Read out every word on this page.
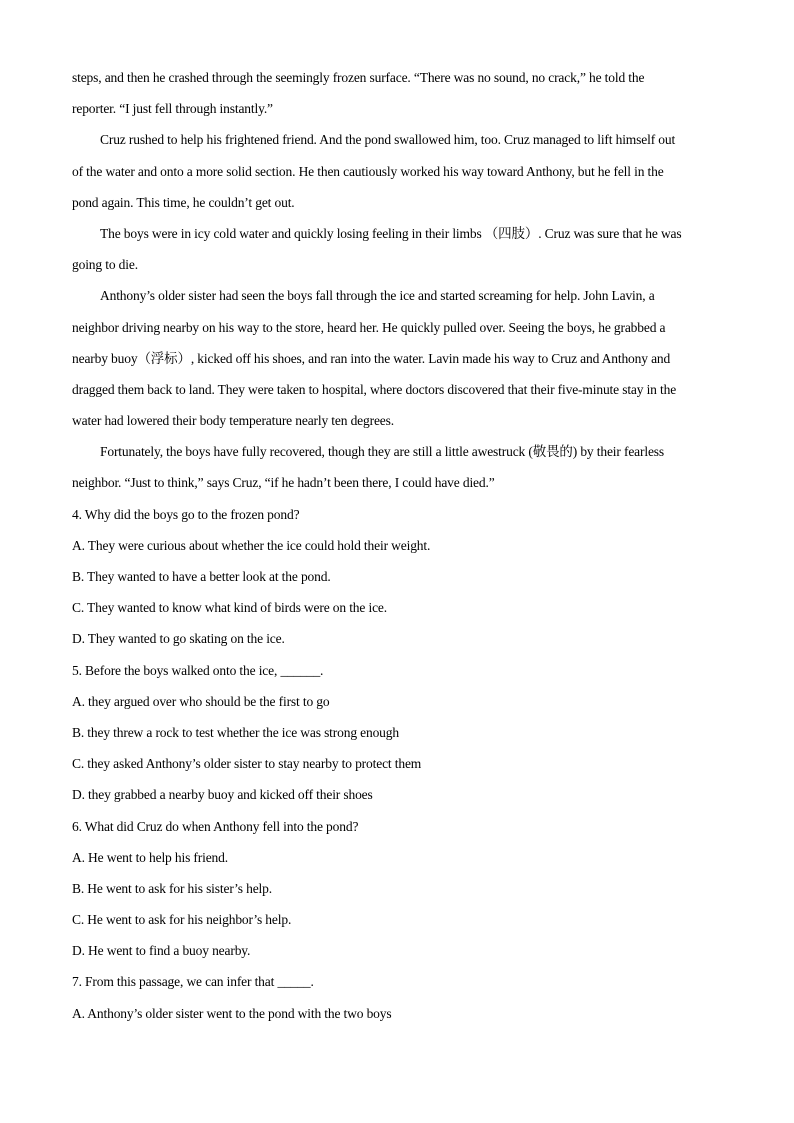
steps, and then he crashed through the seemingly frozen surface. “There was no sound, no crack,” he told the
reporter. “I just fell through instantly.”
Cruz rushed to help his frightened friend. And the pond swallowed him, too. Cruz managed to lift himself out
of the water and onto a more solid section. He then cautiously worked his way toward Anthony, but he fell in the
pond again. This time, he couldn’t get out.
The boys were in icy cold water and quickly losing feeling in their limbs （四肢）. Cruz was sure that he was
going to die.
Anthony’s older sister had seen the boys fall through the ice and started screaming for help. John Lavin, a
neighbor driving nearby on his way to the store, heard her. He quickly pulled over. Seeing the boys, he grabbed a
nearby buoy（浮标）, kicked off his shoes, and ran into the water. Lavin made his way to Cruz and Anthony and
dragged them back to land. They were taken to hospital, where doctors discovered that their five-minute stay in the
water had lowered their body temperature nearly ten degrees.
Fortunately, the boys have fully recovered, though they are still a little awestruck (敬畏的) by their fearless
neighbor. “Just to think,” says Cruz, “if he hadn’t been there, I could have died.”
4. Why did the boys go to the frozen pond?
A. They were curious about whether the ice could hold their weight.
B. They wanted to have a better look at the pond.
C. They wanted to know what kind of birds were on the ice.
D. They wanted to go skating on the ice.
5. Before the boys walked onto the ice, ______.
A. they argued over who should be the first to go
B. they threw a rock to test whether the ice was strong enough
C. they asked Anthony’s older sister to stay nearby to protect them
D. they grabbed a nearby buoy and kicked off their shoes
6. What did Cruz do when Anthony fell into the pond?
A. He went to help his friend.
B. He went to ask for his sister’s help.
C. He went to ask for his neighbor’s help.
D. He went to find a buoy nearby.
7. From this passage, we can infer that _____.
A. Anthony’s older sister went to the pond with the two boys
